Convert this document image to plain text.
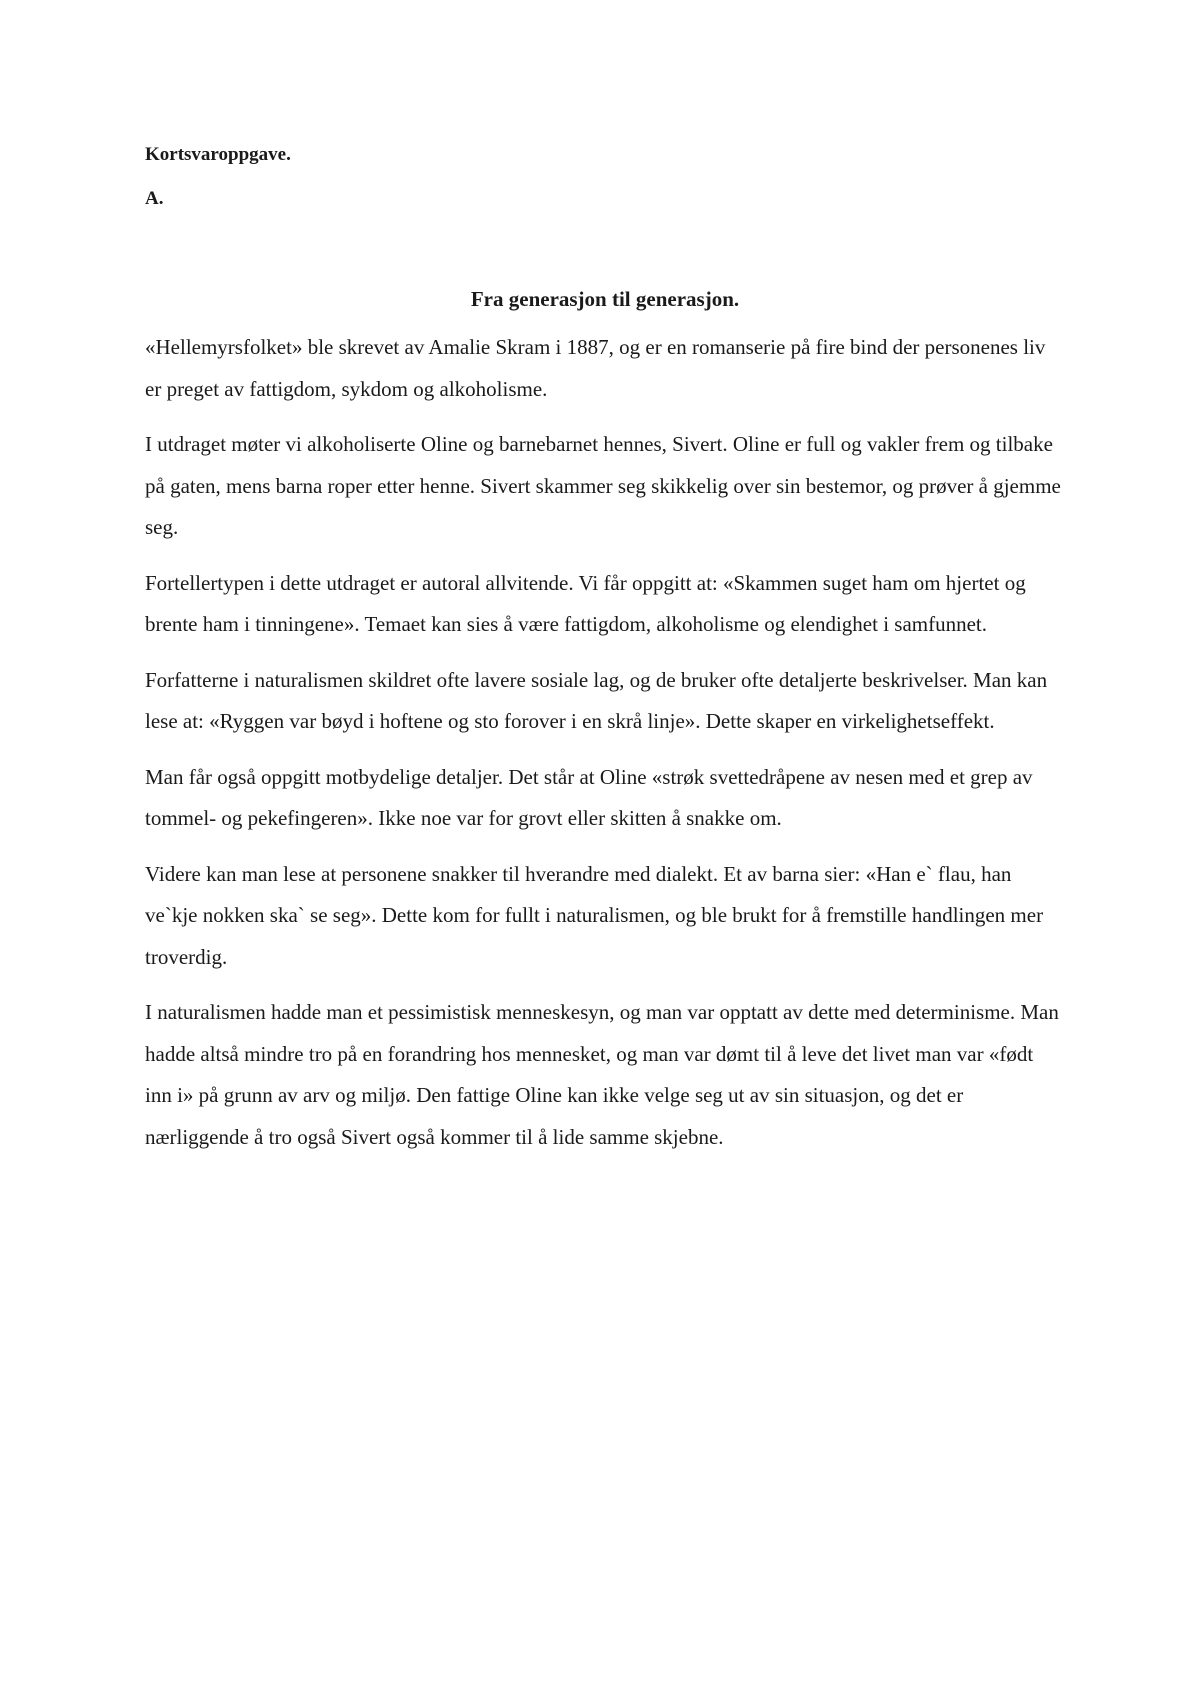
Kortsvaroppgave.
A.
Fra generasjon til generasjon.

«Hellemyrsfolket» ble skrevet av Amalie Skram i 1887, og er en romanserie på fire bind der personenes liv er preget av fattigdom, sykdom og alkoholisme.

I utdraget møter vi alkoholiserte Oline og barnebarnet hennes, Sivert. Oline er full og vakler frem og tilbake på gaten, mens barna roper etter henne. Sivert skammer seg skikkelig over sin bestemor, og prøver å gjemme seg.

Fortellertypen i dette utdraget er autoral allvitende. Vi får oppgitt at: «Skammen suget ham om hjertet og brente ham i tinningene». Temaet kan sies å være fattigdom, alkoholisme og elendighet i samfunnet.

Forfatterne i naturalismen skildret ofte lavere sosiale lag, og de bruker ofte detaljerte beskrivelser. Man kan lese at: «Ryggen var bøyd i hoftene og sto forover i en skrå linje». Dette skaper en virkelighetseffekt.

Man får også oppgitt motbydelige detaljer. Det står at Oline «strøk svettedråpene av nesen med et grep av tommel- og pekefingeren». Ikke noe var for grovt eller skitten å snakke om.

Videre kan man lese at personene snakker til hverandre med dialekt. Et av barna sier: «Han e` flau, han ve`kje nokken ska` se seg». Dette kom for fullt i naturalismen, og ble brukt for å fremstille handlingen mer troverdig.

I naturalismen hadde man et pessimistisk menneskesyn, og man var opptatt av dette med determinisme. Man hadde altså mindre tro på en forandring hos mennesket, og man var dømt til å leve det livet man var «født inn i» på grunn av arv og miljø. Den fattige Oline kan ikke velge seg ut av sin situasjon, og det er nærliggende å tro også Sivert også kommer til å lide samme skjebne.
